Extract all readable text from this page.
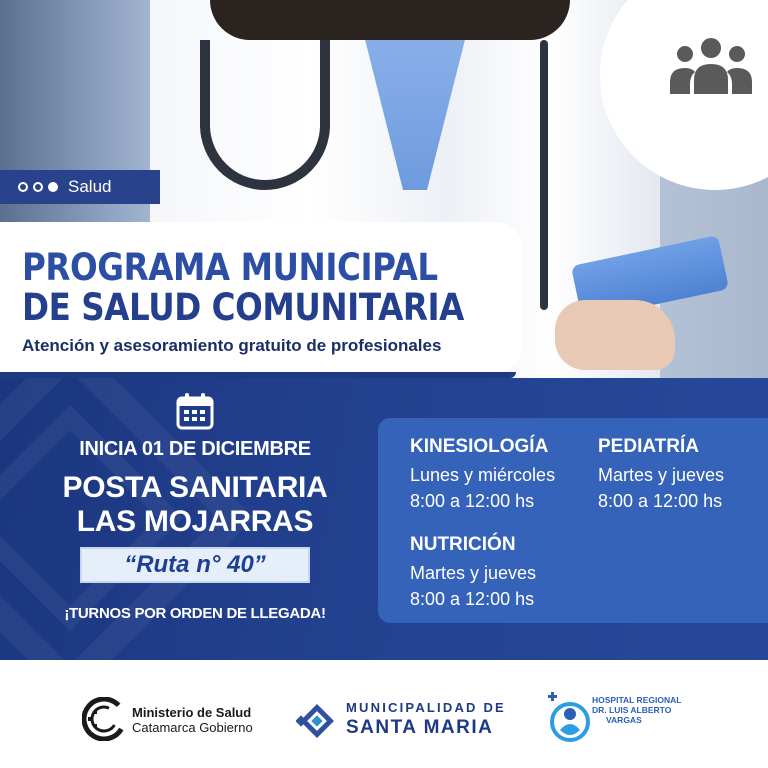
Salud
PROGRAMA MUNICIPAL
DE SALUD COMUNITARIA
Atención y asesoramiento gratuito de profesionales
INICIA 01 DE DICIEMBRE
POSTA SANITARIA
LAS MOJARRAS
“Ruta n° 40”
¡TURNOS POR ORDEN DE LLEGADA!
KINESIOLOGÍA
Lunes y miércoles
8:00 a 12:00 hs
PEDIATRÍA
Martes y jueves
8:00 a 12:00 hs
NUTRICIÓN
Martes y jueves
8:00 a 12:00 hs
Ministerio de Salud
Catamarca Gobierno
MUNICIPALIDAD DE
SANTA MARIA
HOSPITAL REGIONAL
DR. LUIS ALBERTO
VARGAS
